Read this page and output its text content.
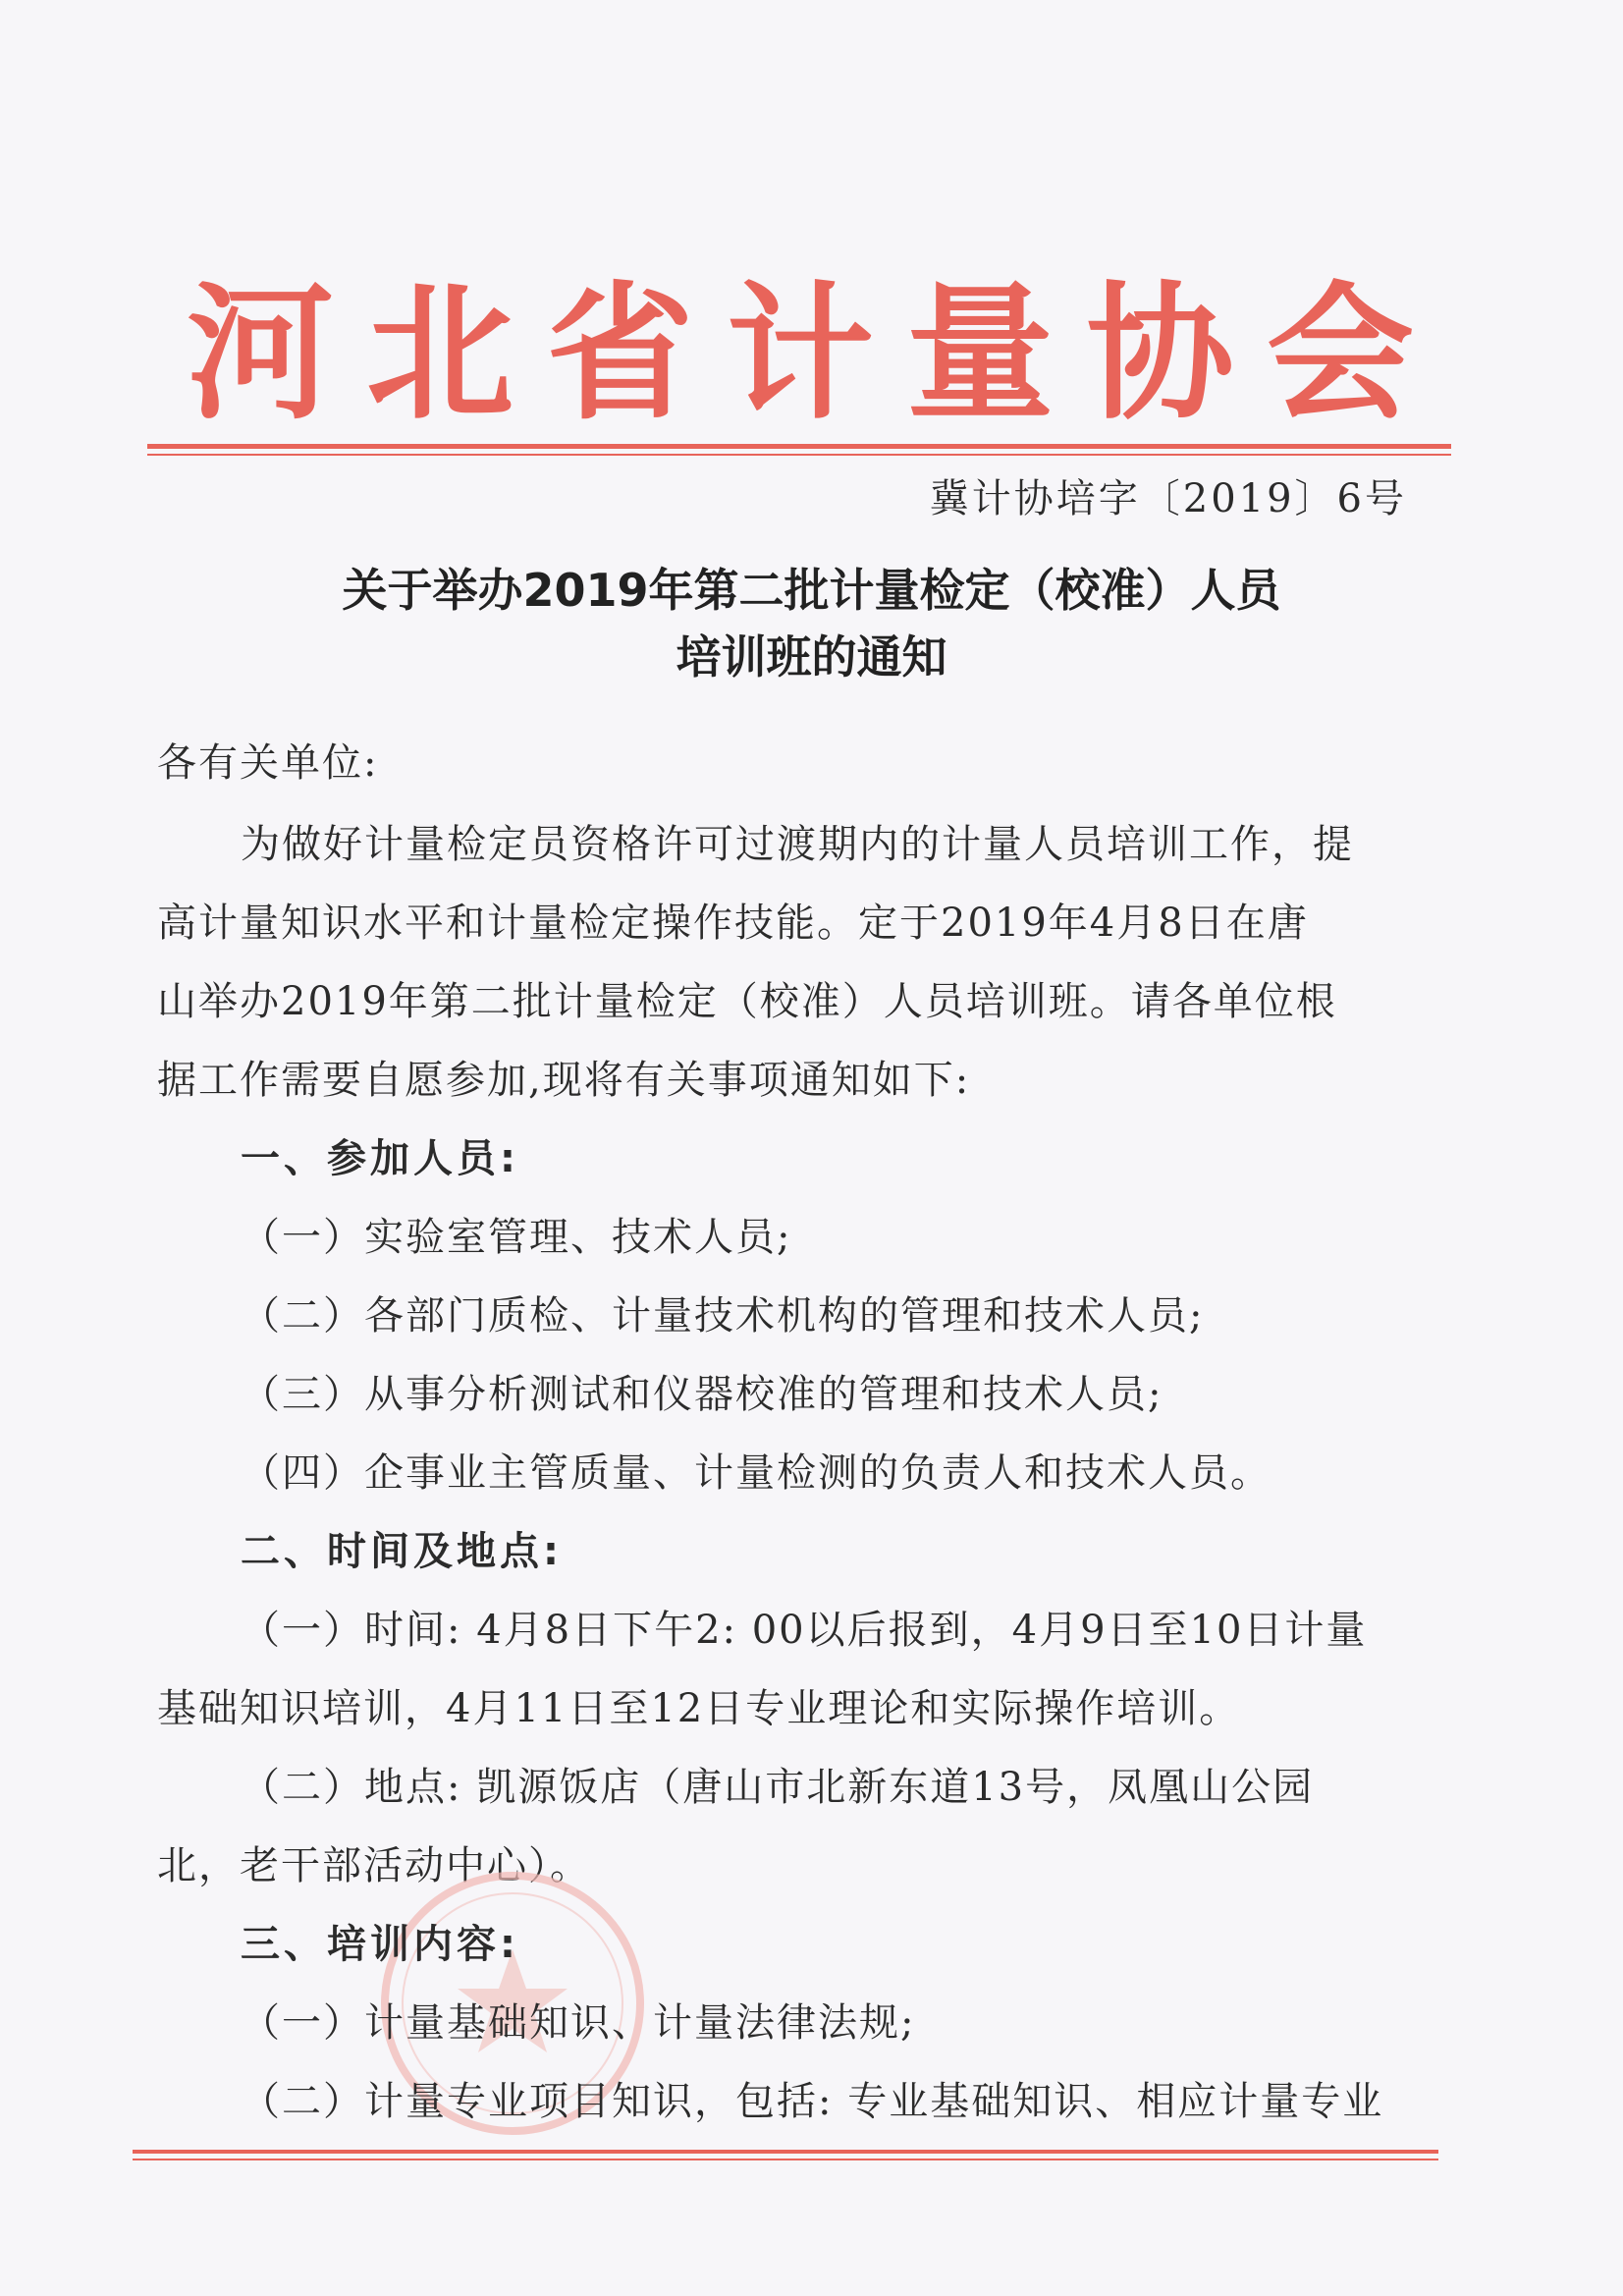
河 北 省 计 量 协 会
冀计协培字〔2019〕6号
关于举办2019年第二批计量检定（校准）人员
培训班的通知
各有关单位:
为做好计量检定员资格许可过渡期内的计量人员培训工作，提
高计量知识水平和计量检定操作技能。定于2019年4月8日在唐
山举办2019年第二批计量检定（校准）人员培训班。请各单位根
据工作需要自愿参加,现将有关事项通知如下:
一、参加人员:
（一）实验室管理、技术人员;
（二）各部门质检、计量技术机构的管理和技术人员;
（三）从事分析测试和仪器校准的管理和技术人员;
（四）企事业主管质量、计量检测的负责人和技术人员。
二、时间及地点:
（一）时间: 4月8日下午2: 00以后报到，4月9日至10日计量
基础知识培训，4月11日至12日专业理论和实际操作培训。
（二）地点: 凯源饭店（唐山市北新东道13号，凤凰山公园
北，老干部活动中心）。
三、培训内容:
（一）计量基础知识、计量法律法规;
（二）计量专业项目知识，包括: 专业基础知识、相应计量专业
